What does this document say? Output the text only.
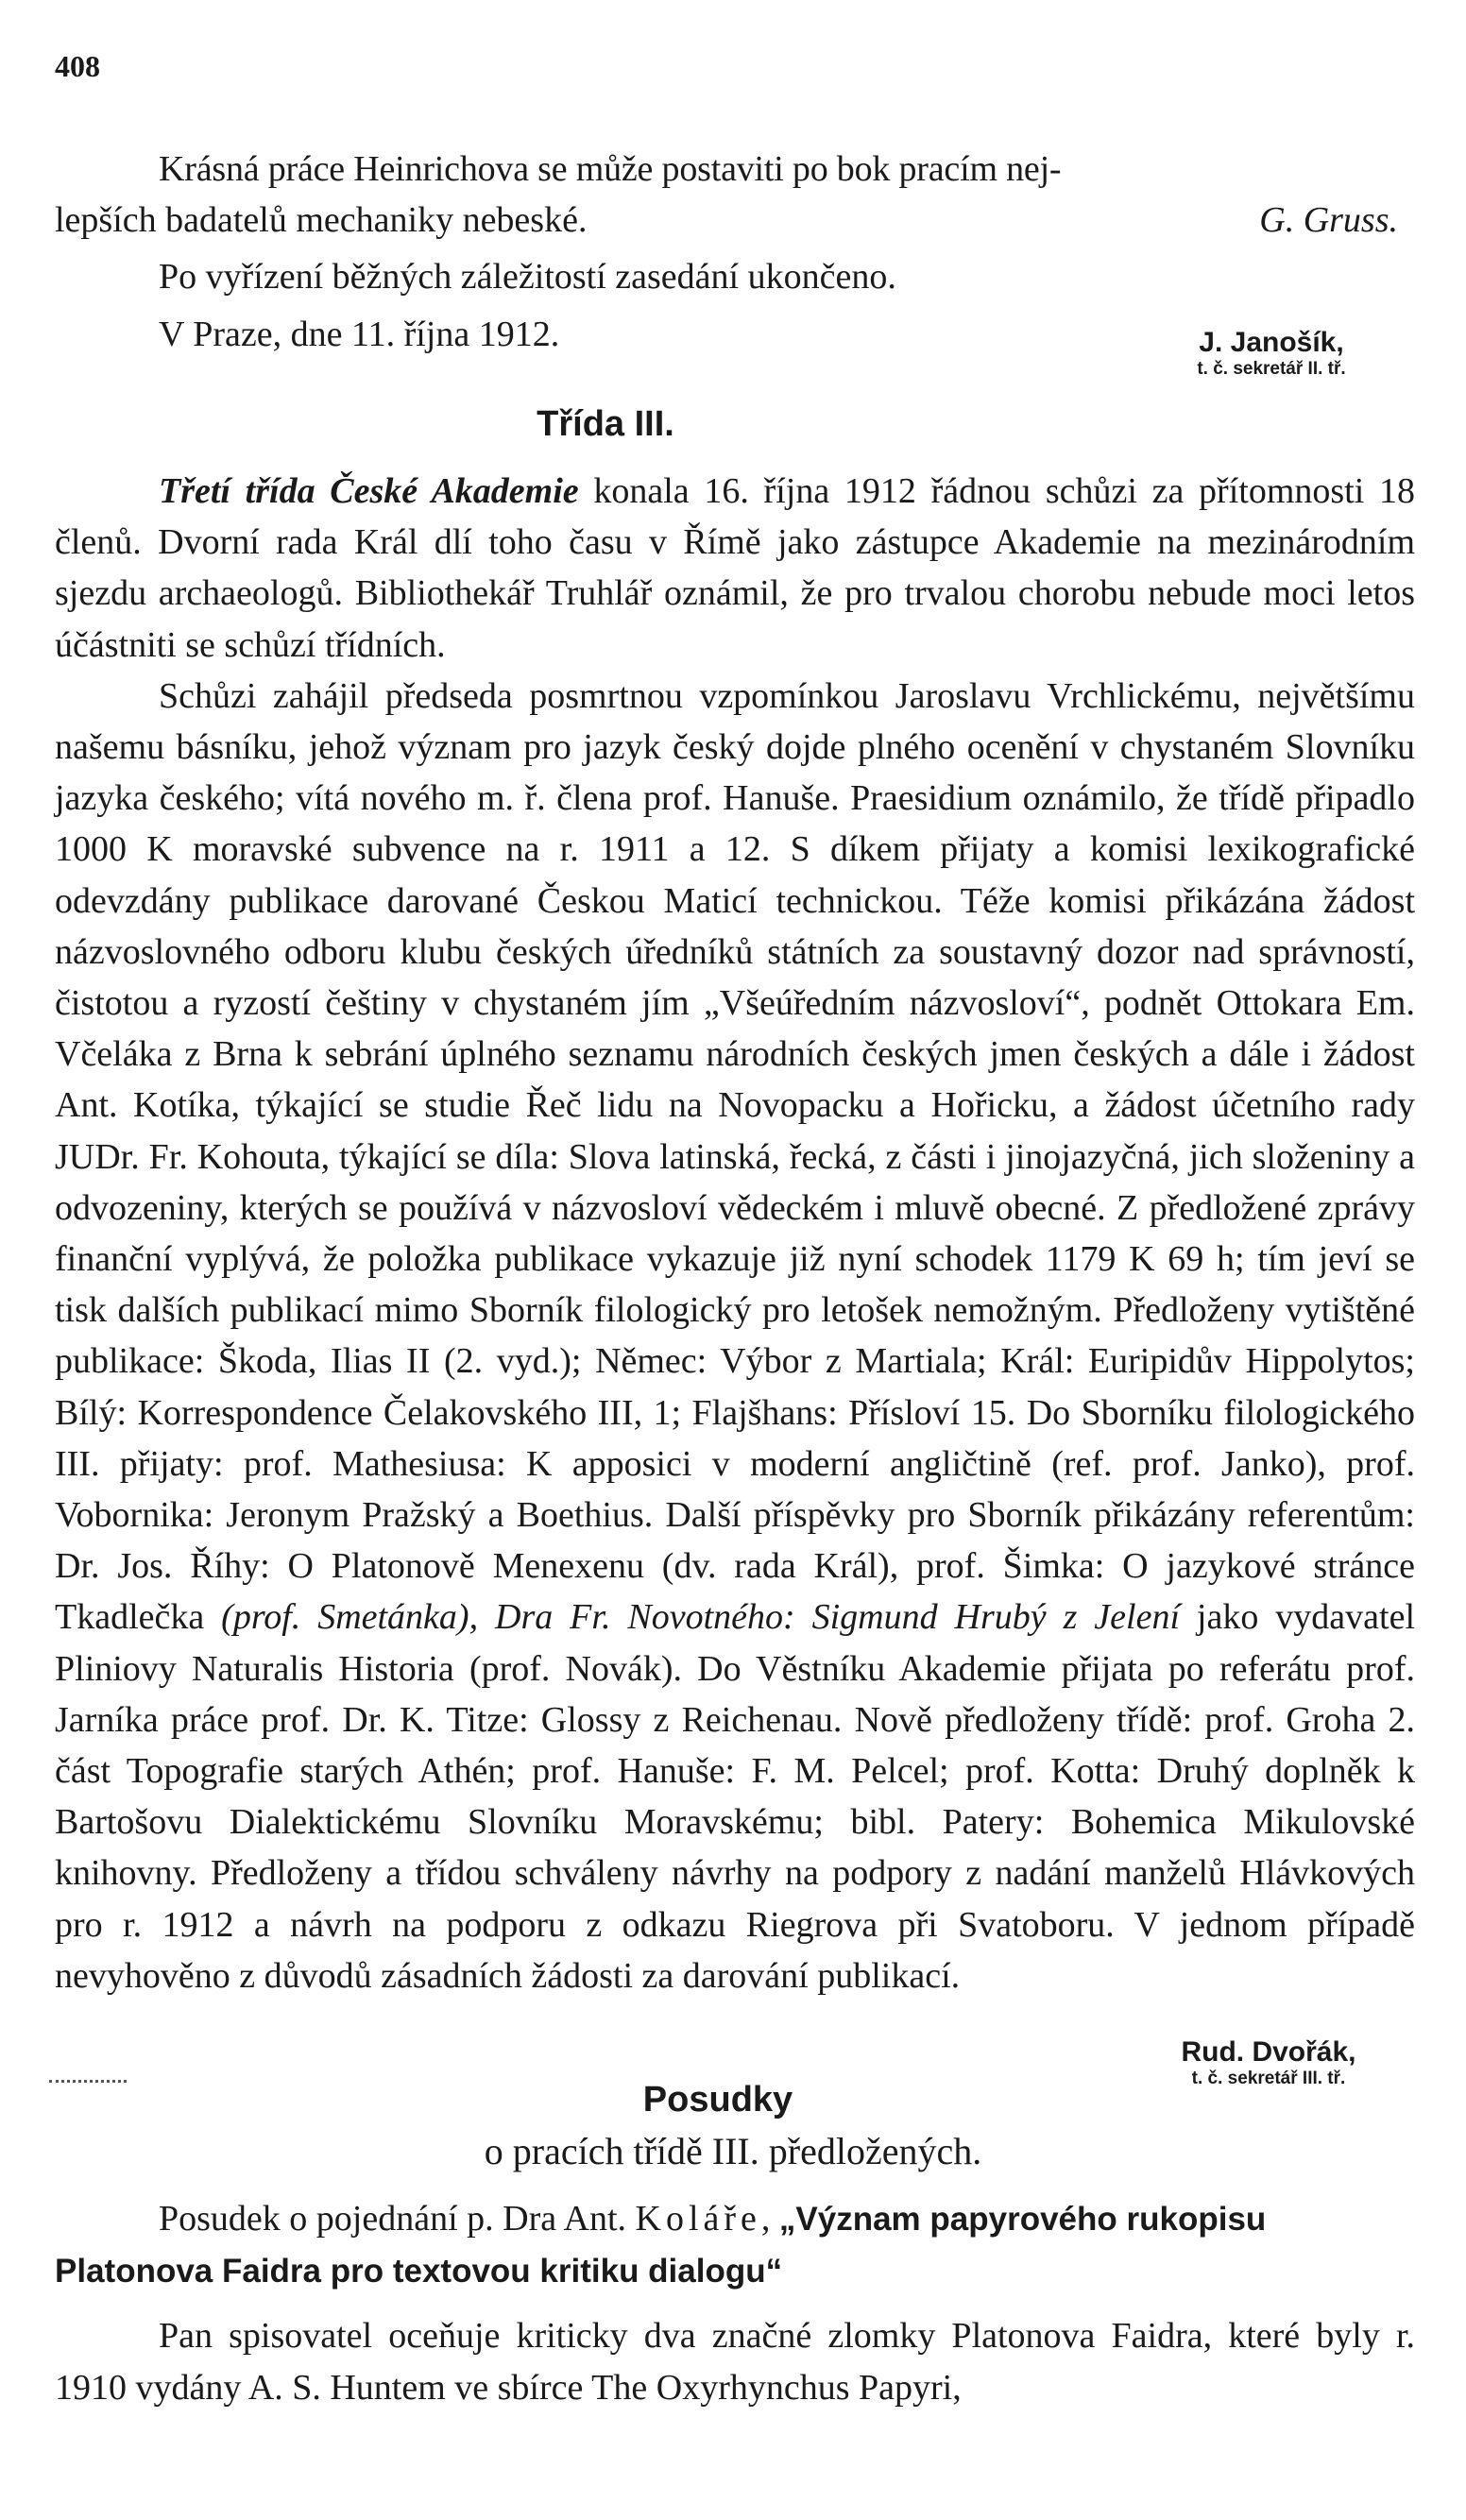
408

Krásná práce Heinrichova se může postaviti po bok pracím nej-

lepších badatelů mechaniky nebeské.	G. Gruss.

Po vyřízení běžných záležitostí zasedání ukončeno.

V Praze, dne 11. října 1912.	J. Janošík,
t. č. sekretář II. tř.
Třída III.

Třetí třída České Akademie konala 16. října 1912 řádnou schůzi za přítomnosti 18 členů. Dvorní rada Král dlí toho času v Římě jako zástupce Akademie na mezinárodním sjezdu archaeologů. Bibliothekář Truhlář oznámil, že pro trvalou chorobu nebude moci letos účástniti se schůzí třídních.

Schůzi zahájil předseda posmrtnou vzpomínkou Jaroslavu Vrchlickému, největšímu našemu básníku, jehož význam pro jazyk český dojde plného ocenění v chystaném Slovníku jazyka českého; vítá nového m. ř. člena prof. Hanuše. Praesidium oznámilo, že třídě připadlo 1000 K moravské subvence na r. 1911 a 12. S díkem přijaty a komisi lexikografické odevzdány publikace darované Českou Maticí technickou. Téže komisi přikázána žádost názvoslovného odboru klubu českých úředníků státních za soustavný dozor nad správností, čistotou a ryzostí češtiny v chystaném jím „Všeúředním názvosloví“, podnět Ottokara Em. Včeláka z Brna k sebrání úplného seznamu národních českých jmen českých a dále i žádost Ant. Kotíka, týkající se studie Řeč lidu na Novopacku a Hořicku, a žádost účetního rady JUDr. Fr. Kohouta, týkající se díla: Slova latinská, řecká, z části i jinojazyčná, jich složeniny a odvozeniny, kterých se používá v názvosloví vědeckém i mluvě obecné. Z předložené zprávy finanční vyplývá, že položka publikace vykazuje již nyní schodek 1179 K 69 h; tím jeví se tisk dalších publikací mimo Sborník filologický pro letošek nemožným. Předloženy vytištěné publikace: Škoda, Ilias II (2. vyd.); Němec: Výbor z Martiala; Král: Euripidův Hippolytos; Bílý: Korrespondence Čelakovského III, 1; Flajšhans: Přísloví 15. Do Sborníku filologického III. přijaty: prof. Mathesiusa: K apposici v moderní angličtině (ref. prof. Janko), prof. Vobornika: Jeronym Pražský a Boethius. Další příspěvky pro Sborník přikázány referentům: Dr. Jos. Říhy: O Platonově Menexenu (dv. rada Král), prof. Šimka: O jazykové stránce Tkadlečka (prof. Smetánka), Dra Fr. Novotného: Sigmund Hrubý z Jelení jako vydavatel Pliniovy Naturalis Historia (prof. Novák). Do Věstníku Akademie přijata po referátu prof. Jarníka práce prof. Dr. K. Titze: Glossy z Reichenau. Nově předloženy třídě: prof. Groha 2. část Topografie starých Athén; prof. Hanuše: F. M. Pelcel; prof. Kotta: Druhý doplněk k Bartošovu Dialektickému Slovníku Moravskému; bibl. Patery: Bohemica Mikulovské knihovny. Předloženy a třídou schváleny návrhy na podpory z nadání manželů Hlávkových pro r. 1912 a návrh na podporu z odkazu Riegrova při Svatoboru. V jednom případě nevyhověno z důvodů zásadních žádosti za darování publikací.

Rud. Dvořák,
t. č. sekretář III. tř.
Posudky
o pracích třídě III. předložených.

Posudek o pojednání p. Dra Ant. Koláře, „Význam papyrového rukopisu Platonova Faidra pro textovou kritiku dialogu“

Pan spisovatel oceňuje kriticky dva značné zlomky Platonova Faidra, které byly r. 1910 vydány A. S. Huntem ve sbírce The Oxyrhynchus Papyri,
